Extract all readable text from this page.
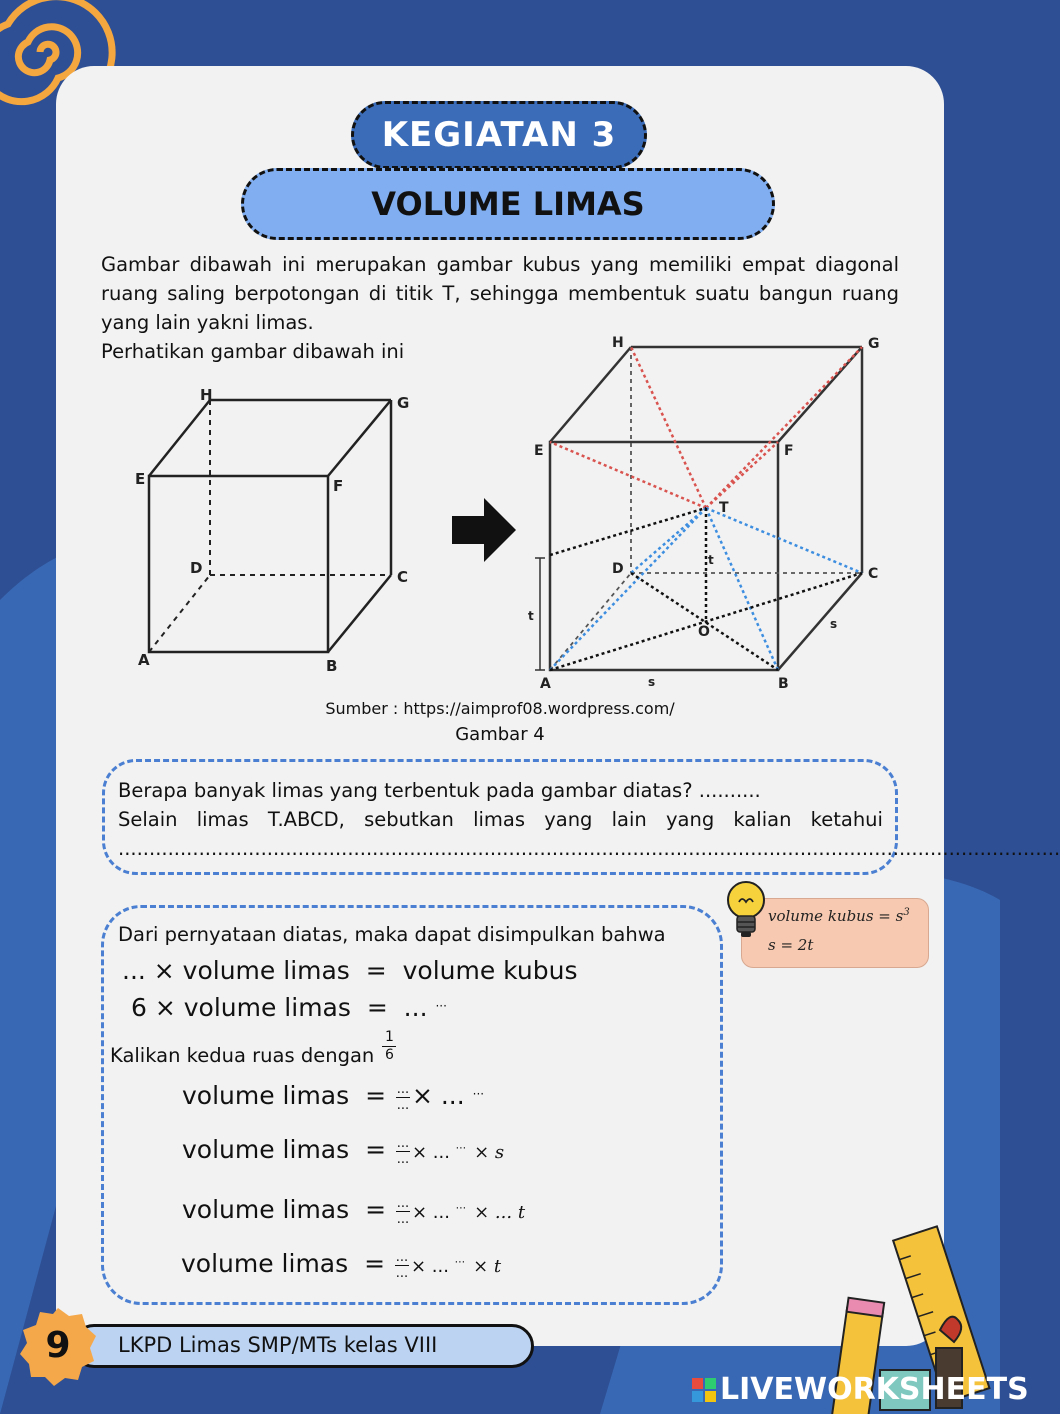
KEGIATAN 3
VOLUME LIMAS

Gambar dibawah ini merupakan gambar kubus yang memiliki empat diagonal ruang saling berpotongan di titik T, sehingga membentuk suatu bangun ruang yang lain yakni limas.

Perhatikan gambar dibawah ini

H	G
E	F
D	C
A	B
H	G
E	F
T
D	C
O
A	B
t
t
s
s
Sumber : https://aimprof08.wordpress.com/
Gambar 4
Berapa banyak limas yang terbentuk pada gambar diatas? ..........
Selain limas T.ABCD, sebutkan limas yang lain yang kalian ketahui
........................................................................................................................................................
Dari pernyataan diatas, maka dapat disimpulkan bahwa
... × volume limas = volume kubus
6 × volume limas = ... ...
Kalikan kedua ruas dengan $\frac{1}{6}$
volume limas = $\frac{...}{...}$ × ... ...
volume limas = $\frac{...}{...}$ × ... ... × s
volume limas = $\frac{...}{...}$ × ... ... × ... t
volume limas = $\frac{...}{...}$ × ... ... × t
volume kubus = $s^3$
s = 2t
LKPD Limas SMP/MTs kelas VIII
9
LIVEWORKSHEETS
